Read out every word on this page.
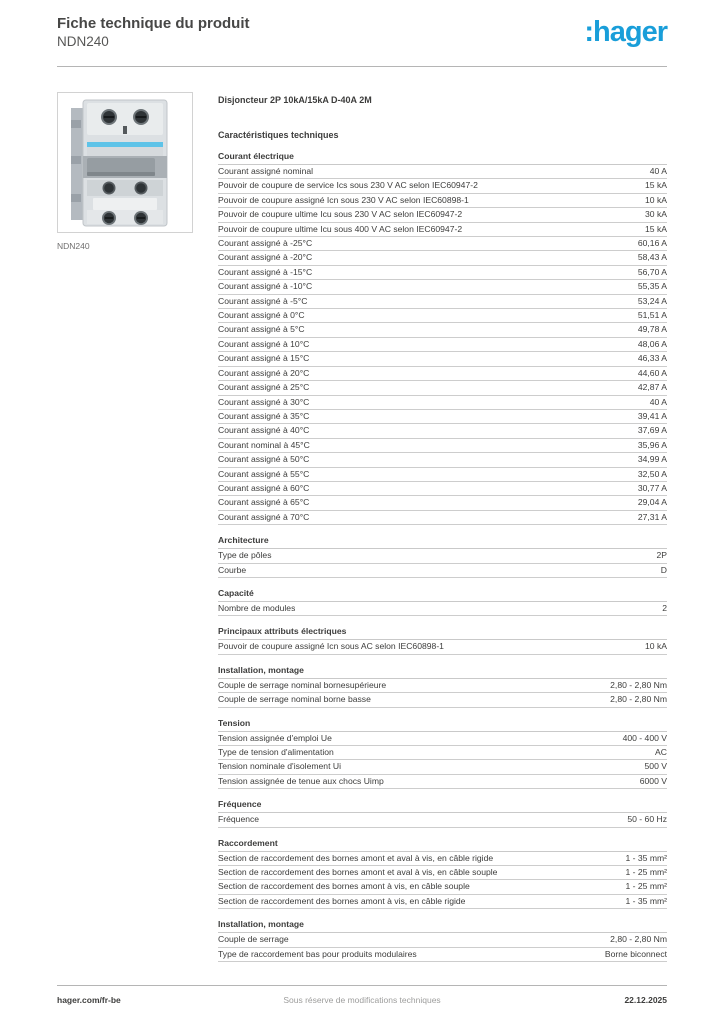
Fiche technique du produit
NDN240	:hager
NDN240
Disjoncteur 2P 10kA/15kA D-40A 2M
Caractéristiques techniques
Courant électrique
Courant assigné nominal	40 A
Pouvoir de coupure de service Ics sous 230 V AC selon IEC60947-2	15 kA
Pouvoir de coupure assigné Icn sous 230 V AC selon IEC60898-1	10 kA
Pouvoir de coupure ultime Icu sous 230 V AC selon IEC60947-2	30 kA
Pouvoir de coupure ultime Icu sous 400 V AC selon IEC60947-2	15 kA
Courant assigné à -25°C	60,16 A
Courant assigné à -20°C	58,43 A
Courant assigné à -15°C	56,70 A
Courant assigné à -10°C	55,35 A
Courant assigné à -5°C	53,24 A
Courant assigné à 0°C	51,51 A
Courant assigné à 5°C	49,78 A
Courant assigné à 10°C	48,06 A
Courant assigné à 15°C	46,33 A
Courant assigné à 20°C	44,60 A
Courant assigné à 25°C	42,87 A
Courant assigné à 30°C	40 A
Courant assigné à 35°C	39,41 A
Courant assigné à 40°C	37,69 A
Courant nominal à 45°C	35,96 A
Courant assigné à 50°C	34,99 A
Courant assigné à 55°C	32,50 A
Courant assigné à 60°C	30,77 A
Courant assigné à 65°C	29,04 A
Courant assigné à 70°C	27,31 A
Architecture
Type de pôles	2P
Courbe	D
Capacité
Nombre de modules	2
Principaux attributs électriques
Pouvoir de coupure assigné Icn sous AC selon IEC60898-1	10 kA
Installation, montage
Couple de serrage nominal bornesupérieure	2,80 - 2,80 Nm
Couple de serrage nominal borne basse	2,80 - 2,80 Nm
Tension
Tension assignée d'emploi Ue	400 - 400 V
Type de tension d'alimentation	AC
Tension nominale d'isolement Ui	500 V
Tension assignée de tenue aux chocs Uimp	6000 V
Fréquence
Fréquence	50 - 60 Hz
Raccordement
Section de raccordement des bornes amont et aval à vis, en câble rigide	1 - 35 mm²
Section de raccordement des bornes amont et aval à vis, en câble souple	1 - 25 mm²
Section de raccordement des bornes amont à vis, en câble souple	1 - 25 mm²
Section de raccordement des bornes amont à vis, en câble rigide	1 - 35 mm²
Installation, montage
Couple de serrage	2,80 - 2,80 Nm
Type de raccordement bas pour produits modulaires	Borne biconnect
Sous réserve de modifications techniques
hager.com/fr-be	22.12.2025
